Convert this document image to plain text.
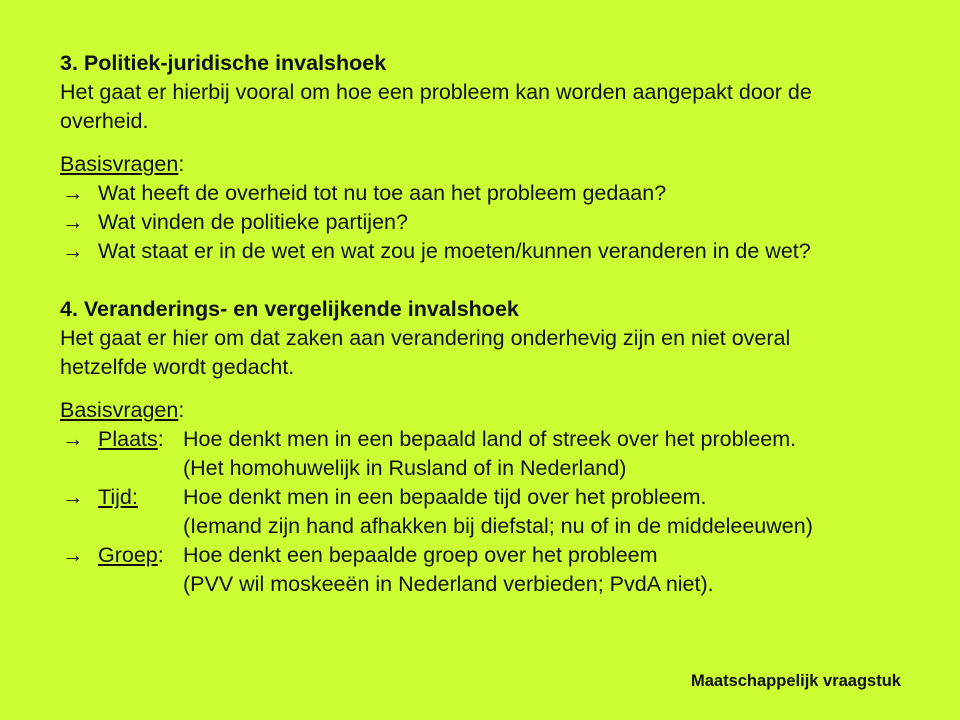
3. Politiek-juridische invalshoek

Het gaat er hierbij vooral om hoe een probleem kan worden aangepakt door de

overheid.

Basisvragen:

→ Wat heeft de overheid tot nu toe aan het probleem gedaan?
→ Wat vinden de politieke partijen?
→ Wat staat er in de wet en wat zou je moeten/kunnen veranderen in de wet?

4. Veranderings- en vergelijkende invalshoek

Het gaat er hier om dat zaken aan verandering onderhevig zijn en niet overal

hetzelfde wordt gedacht.

Basisvragen:

→ Plaats: Hoe denkt men in een bepaald land of streek over het probleem.
(Het homohuwelijk in Rusland of in Nederland)
→ Tijd:	Hoe denkt men in een bepaalde tijd over het probleem.
(Iemand zijn hand afhakken bij diefstal; nu of in de middeleeuwen)
→ Groep: Hoe denkt een bepaalde groep over het probleem
(PVV wil moskeeën in Nederland verbieden; PvdA niet).
Maatschappelijk vraagstuk
